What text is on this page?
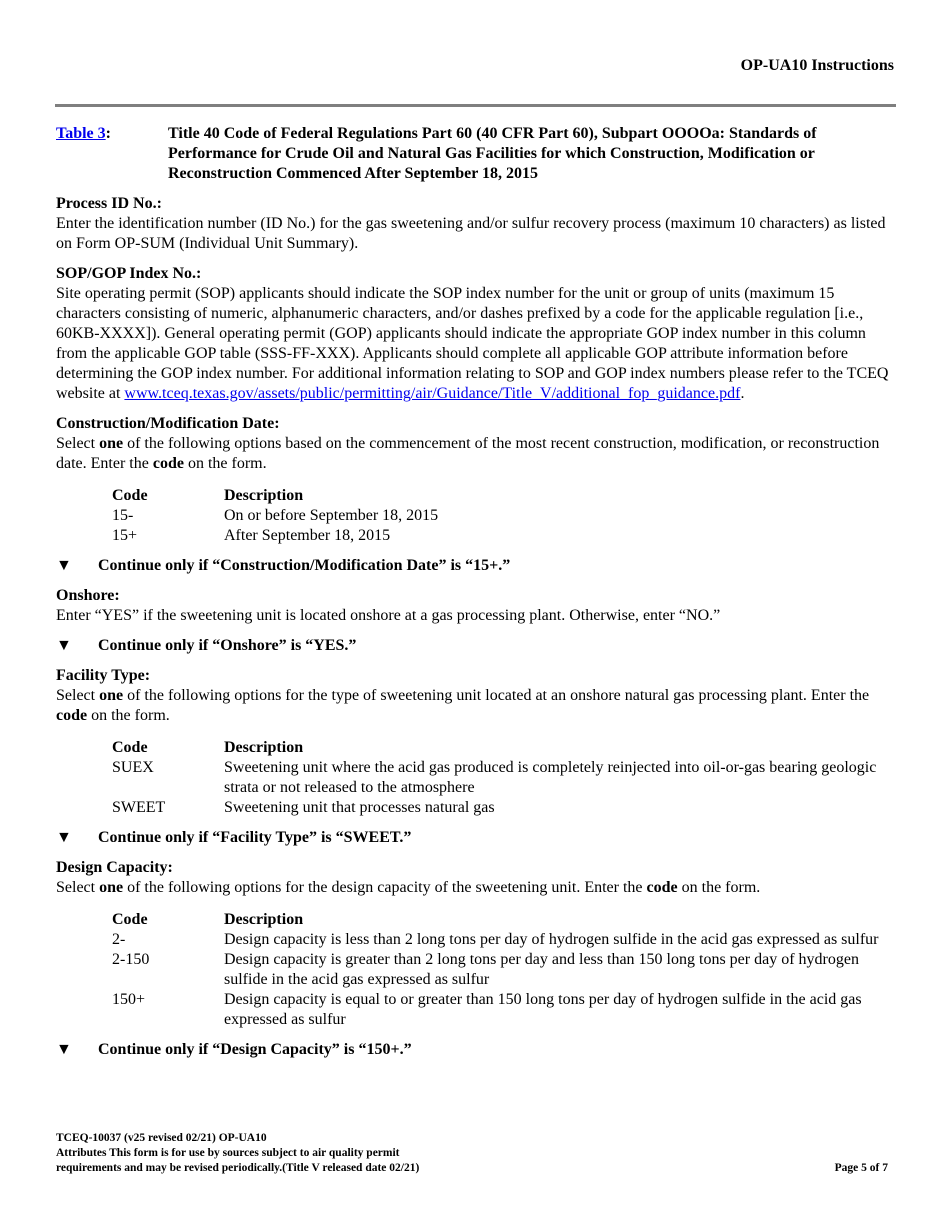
OP-UA10 Instructions
Table 3:	Title 40 Code of Federal Regulations Part 60 (40 CFR Part 60), Subpart OOOOa: Standards of Performance for Crude Oil and Natural Gas Facilities for which Construction, Modification or Reconstruction Commenced After September 18, 2015
Process ID No.:
Enter the identification number (ID No.) for the gas sweetening and/or sulfur recovery process (maximum 10 characters) as listed on Form OP-SUM (Individual Unit Summary).
SOP/GOP Index No.:
Site operating permit (SOP) applicants should indicate the SOP index number for the unit or group of units (maximum 15 characters consisting of numeric, alphanumeric characters, and/or dashes prefixed by a code for the applicable regulation [i.e., 60KB-XXXX]). General operating permit (GOP) applicants should indicate the appropriate GOP index number in this column from the applicable GOP table (SSS-FF-XXX). Applicants should complete all applicable GOP attribute information before determining the GOP index number. For additional information relating to SOP and GOP index numbers please refer to the TCEQ website at www.tceq.texas.gov/assets/public/permitting/air/Guidance/Title_V/additional_fop_guidance.pdf.
Construction/Modification Date:
Select one of the following options based on the commencement of the most recent construction, modification, or reconstruction date. Enter the code on the form.
Code	Description
15-	On or before September 18, 2015
15+	After September 18, 2015
▼	Continue only if “Construction/Modification Date” is “15+.”
Onshore:
Enter “YES” if the sweetening unit is located onshore at a gas processing plant. Otherwise, enter “NO.”
▼	Continue only if “Onshore” is “YES.”
Facility Type:
Select one of the following options for the type of sweetening unit located at an onshore natural gas processing plant. Enter the code on the form.
Code	Description
SUEX	Sweetening unit where the acid gas produced is completely reinjected into oil-or-gas bearing geologic strata or not released to the atmosphere
SWEET	Sweetening unit that processes natural gas
▼	Continue only if “Facility Type” is “SWEET.”
Design Capacity:
Select one of the following options for the design capacity of the sweetening unit. Enter the code on the form.
Code	Description
2-	Design capacity is less than 2 long tons per day of hydrogen sulfide in the acid gas expressed as sulfur
2-150	Design capacity is greater than 2 long tons per day and less than 150 long tons per day of hydrogen sulfide in the acid gas expressed as sulfur
150+	Design capacity is equal to or greater than 150 long tons per day of hydrogen sulfide in the acid gas expressed as sulfur
▼	Continue only if “Design Capacity” is “150+.”
TCEQ-10037 (v25 revised 02/21) OP-UA10
Attributes This form is for use by sources subject to air quality permit
requirements and may be revised periodically.(Title V released date 02/21)	Page 5 of 7
